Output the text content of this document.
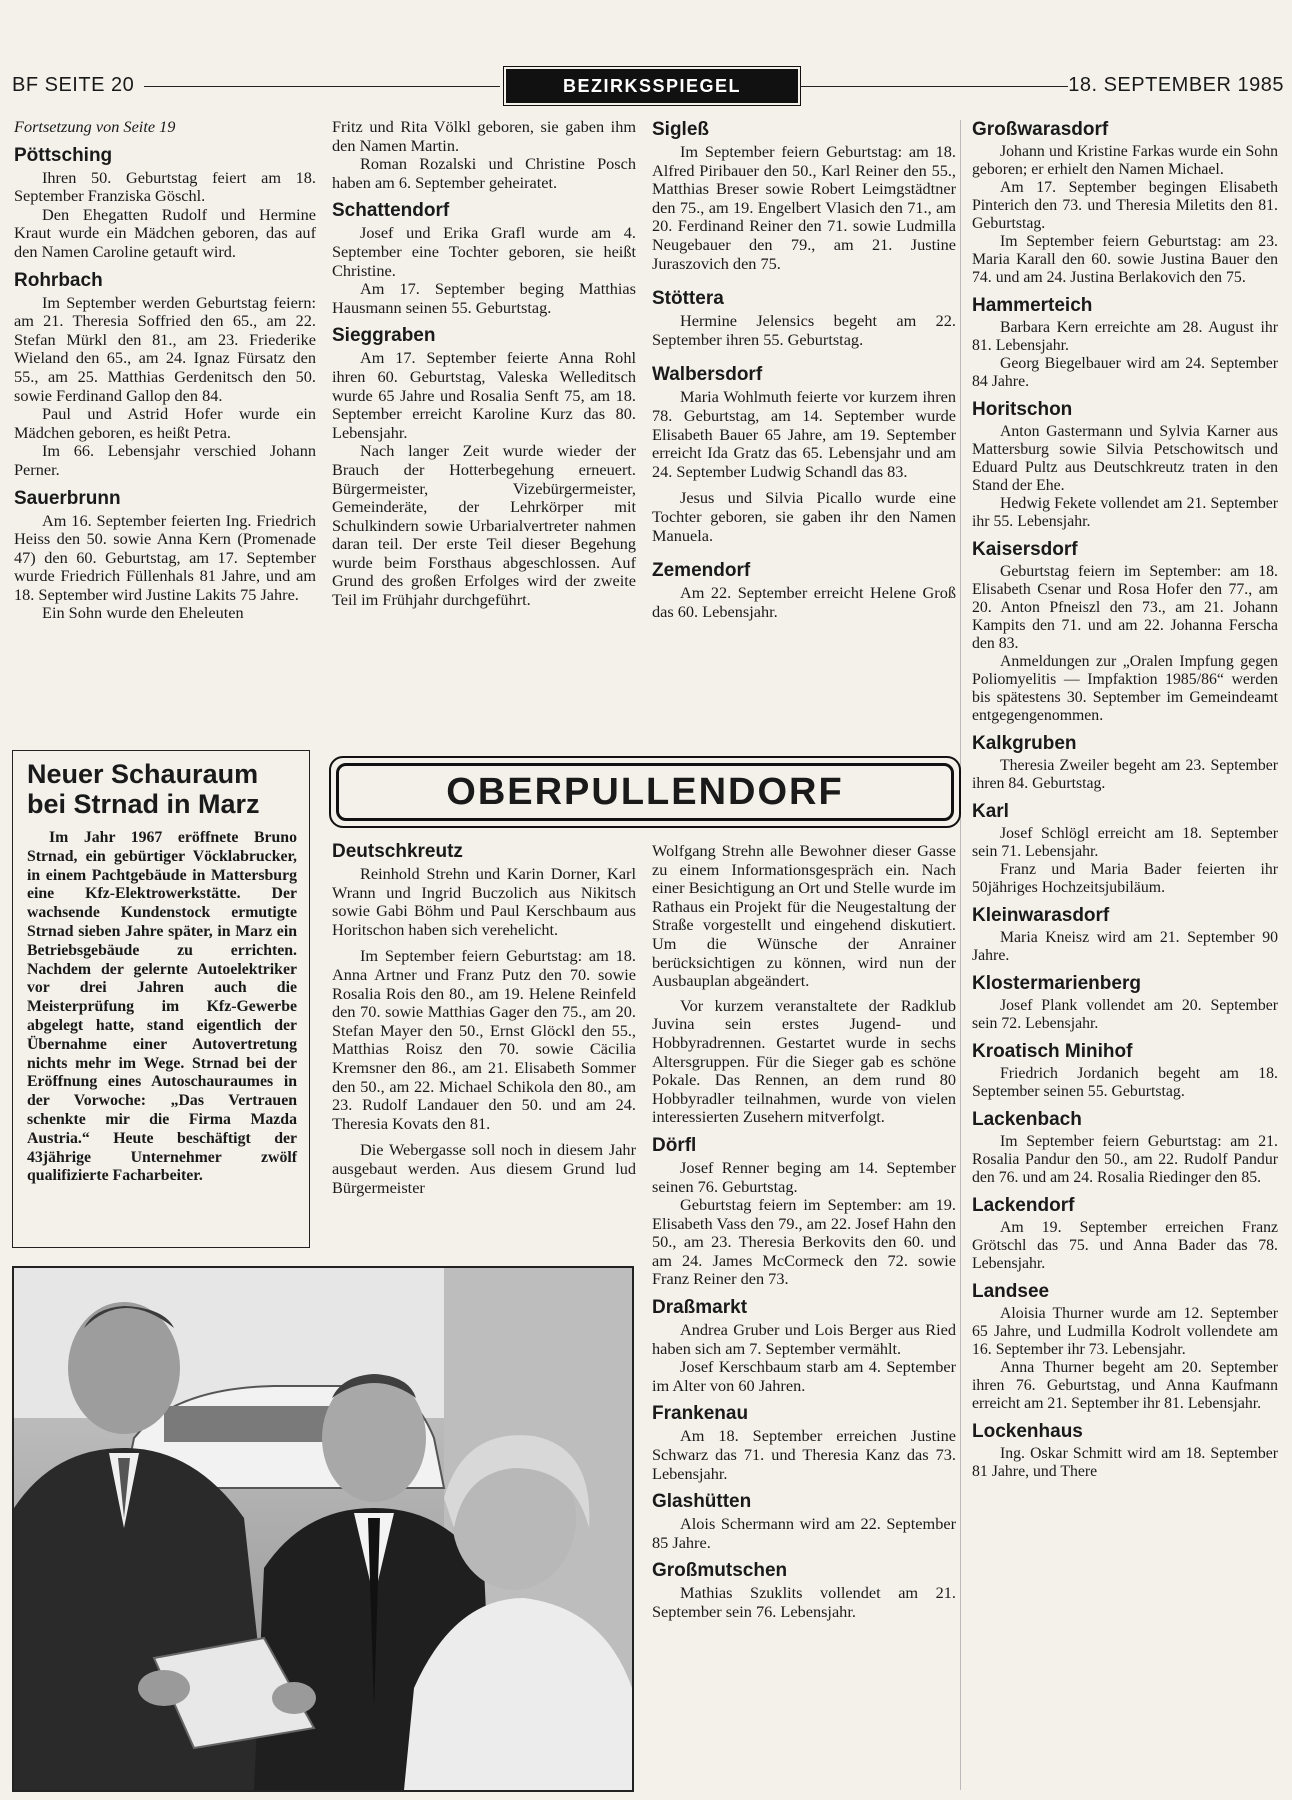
BF SEITE 20	BEZIRKSSPIEGEL	18. SEPTEMBER 1985

Fortsetzung von Seite 19

Pöttsching

Ihren 50. Geburtstag feiert am 18. September Franziska Göschl.

Den Ehegatten Rudolf und Hermine Kraut wurde ein Mädchen geboren, das auf den Namen Caroline getauft wird.

Rohrbach

Im September werden Geburtstag feiern: am 21. Theresia Soffried den 65., am 22. Stefan Mürkl den 81., am 23. Friederike Wieland den 65., am 24. Ignaz Fürsatz den 55., am 25. Matthias Gerdenitsch den 50. sowie Ferdinand Gallop den 84.

Paul und Astrid Hofer wurde ein Mädchen geboren, es heißt Petra.

Im 66. Lebensjahr verschied Johann Perner.

Sauerbrunn

Am 16. September feierten Ing. Friedrich Heiss den 50. sowie Anna Kern (Promenade 47) den 60. Geburtstag, am 17. September wurde Friedrich Füllenhals 81 Jahre, und am 18. September wird Justine Lakits 75 Jahre.

Ein Sohn wurde den Eheleuten

Fritz und Rita Völkl geboren, sie gaben ihm den Namen Martin.

Roman Rozalski und Christine Posch haben am 6. September geheiratet.

Schattendorf

Josef und Erika Grafl wurde am 4. September eine Tochter geboren, sie heißt Christine.

Am 17. September beging Matthias Hausmann seinen 55. Geburtstag.

Sieggraben

Am 17. September feierte Anna Rohl ihren 60. Geburtstag, Valeska Welleditsch wurde 65 Jahre und Rosalia Senft 75, am 18. September erreicht Karoline Kurz das 80. Lebensjahr.

Nach langer Zeit wurde wieder der Brauch der Hotterbegehung erneuert. Bürgermeister, Vizebürgermeister, Gemeinderäte, der Lehrkörper mit Schulkindern sowie Urbarialvertreter nahmen daran teil. Der erste Teil dieser Begehung wurde beim Forsthaus abgeschlossen. Auf Grund des großen Erfolges wird der zweite Teil im Frühjahr durchgeführt.

Sigleß

Im September feiern Geburtstag: am 18. Alfred Piribauer den 50., Karl Reiner den 55., Matthias Breser sowie Robert Leimgstädtner den 75., am 19. Engelbert Vlasich den 71., am 20. Ferdinand Reiner den 71. sowie Ludmilla Neugebauer den 79., am 21. Justine Juraszovich den 75.

Stöttera

Hermine Jelensics begeht am 22. September ihren 55. Geburtstag.

Walbersdorf

Maria Wohlmuth feierte vor kurzem ihren 78. Geburtstag, am 14. September wurde Elisabeth Bauer 65 Jahre, am 19. September erreicht Ida Gratz das 65. Lebensjahr und am 24. September Ludwig Schandl das 83.

Jesus und Silvia Picallo wurde eine Tochter geboren, sie gaben ihr den Namen Manuela.

Zemendorf

Am 22. September erreicht Helene Groß das 60. Lebensjahr.

Neuer Schauraum bei Strnad in Marz

Im Jahr 1967 eröffnete Bruno Strnad, ein gebürtiger Vöcklabrucker, in einem Pachtgebäude in Mattersburg eine Kfz-Elektrowerkstätte. Der wachsende Kundenstock ermutigte Strnad sieben Jahre später, in Marz ein Betriebsgebäude zu errichten. Nachdem der gelernte Autoelektriker vor drei Jahren auch die Meisterprüfung im Kfz-Gewerbe abgelegt hatte, stand eigentlich der Übernahme einer Autovertretung nichts mehr im Wege. Strnad bei der Eröffnung eines Autoschauraumes in der Vorwoche: „Das Vertrauen schenkte mir die Firma Mazda Austria.“ Heute beschäftigt der 43jährige Unternehmer zwölf qualifizierte Facharbeiter.

OBERPULLENDORF
Deutschkreutz

Reinhold Strehn und Karin Dorner, Karl Wrann und Ingrid Buczolich aus Nikitsch sowie Gabi Böhm und Paul Kerschbaum aus Horitschon haben sich verehelicht.

Im September feiern Geburtstag: am 18. Anna Artner und Franz Putz den 70. sowie Rosalia Rois den 80., am 19. Helene Reinfeld den 70. sowie Matthias Gager den 75., am 20. Stefan Mayer den 50., Ernst Glöckl den 55., Matthias Roisz den 70. sowie Cäcilia Kremsner den 86., am 21. Elisabeth Sommer den 50., am 22. Michael Schikola den 80., am 23. Rudolf Landauer den 50. und am 24. Theresia Kovats den 81.

Die Webergasse soll noch in diesem Jahr ausgebaut werden. Aus diesem Grund lud Bürgermeister

Wolfgang Strehn alle Bewohner dieser Gasse zu einem Informationsgespräch ein. Nach einer Besichtigung an Ort und Stelle wurde im Rathaus ein Projekt für die Neugestaltung der Straße vorgestellt und eingehend diskutiert. Um die Wünsche der Anrainer berücksichtigen zu können, wird nun der Ausbauplan abgeändert.

Vor kurzem veranstaltete der Radklub Juvina sein erstes Jugend- und Hobbyradrennen. Gestartet wurde in sechs Altersgruppen. Für die Sieger gab es schöne Pokale. Das Rennen, an dem rund 80 Hobbyradler teilnahmen, wurde von vielen interessierten Zusehern mitverfolgt.

Dörfl

Josef Renner beging am 14. September seinen 76. Geburtstag.

Geburtstag feiern im September: am 19. Elisabeth Vass den 79., am 22. Josef Hahn den 50., am 23. Theresia Berkovits den 60. und am 24. James McCormeck den 72. sowie Franz Reiner den 73.

Draßmarkt

Andrea Gruber und Lois Berger aus Ried haben sich am 7. September vermählt.

Josef Kerschbaum starb am 4. September im Alter von 60 Jahren.

Frankenau

Am 18. September erreichen Justine Schwarz das 71. und Theresia Kanz das 73. Lebensjahr.

Glashütten

Alois Schermann wird am 22. September 85 Jahre.

Großmutschen

Mathias Szuklits vollendet am 21. September sein 76. Lebensjahr.

Großwarasdorf

Johann und Kristine Farkas wurde ein Sohn geboren; er erhielt den Namen Michael.

Am 17. September begingen Elisabeth Pinterich den 73. und Theresia Miletits den 81. Geburtstag.

Im September feiern Geburtstag: am 23. Maria Karall den 60. sowie Justina Bauer den 74. und am 24. Justina Berlakovich den 75.

Hammerteich

Barbara Kern erreichte am 28. August ihr 81. Lebensjahr.

Georg Biegelbauer wird am 24. September 84 Jahre.

Horitschon

Anton Gastermann und Sylvia Karner aus Mattersburg sowie Silvia Petschowitsch und Eduard Pultz aus Deutschkreutz traten in den Stand der Ehe.

Hedwig Fekete vollendet am 21. September ihr 55. Lebensjahr.

Kaisersdorf

Geburtstag feiern im September: am 18. Elisabeth Csenar und Rosa Hofer den 77., am 20. Anton Pfneiszl den 73., am 21. Johann Kampits den 71. und am 22. Johanna Ferscha den 83.

Anmeldungen zur „Oralen Impfung gegen Poliomyelitis — Impfaktion 1985/86“ werden bis spätestens 30. September im Gemeindeamt entgegengenommen.

Kalkgruben

Theresia Zweiler begeht am 23. September ihren 84. Geburtstag.

Karl

Josef Schlögl erreicht am 18. September sein 71. Lebensjahr.

Franz und Maria Bader feierten ihr 50jähriges Hochzeitsjubiläum.

Kleinwarasdorf

Maria Kneisz wird am 21. September 90 Jahre.

Klostermarienberg

Josef Plank vollendet am 20. September sein 72. Lebensjahr.

Kroatisch Minihof

Friedrich Jordanich begeht am 18. September seinen 55. Geburtstag.

Lackenbach

Im September feiern Geburtstag: am 21. Rosalia Pandur den 50., am 22. Rudolf Pandur den 76. und am 24. Rosalia Riedinger den 85.

Lackendorf

Am 19. September erreichen Franz Grötschl das 75. und Anna Bader das 78. Lebensjahr.

Landsee

Aloisia Thurner wurde am 12. September 65 Jahre, und Ludmilla Kodrolt vollendete am 16. September ihr 73. Lebensjahr.

Anna Thurner begeht am 20. September ihren 76. Geburtstag, und Anna Kaufmann erreicht am 21. September ihr 81. Lebensjahr.

Lockenhaus

Ing. Oskar Schmitt wird am 18. September 81 Jahre, und There
